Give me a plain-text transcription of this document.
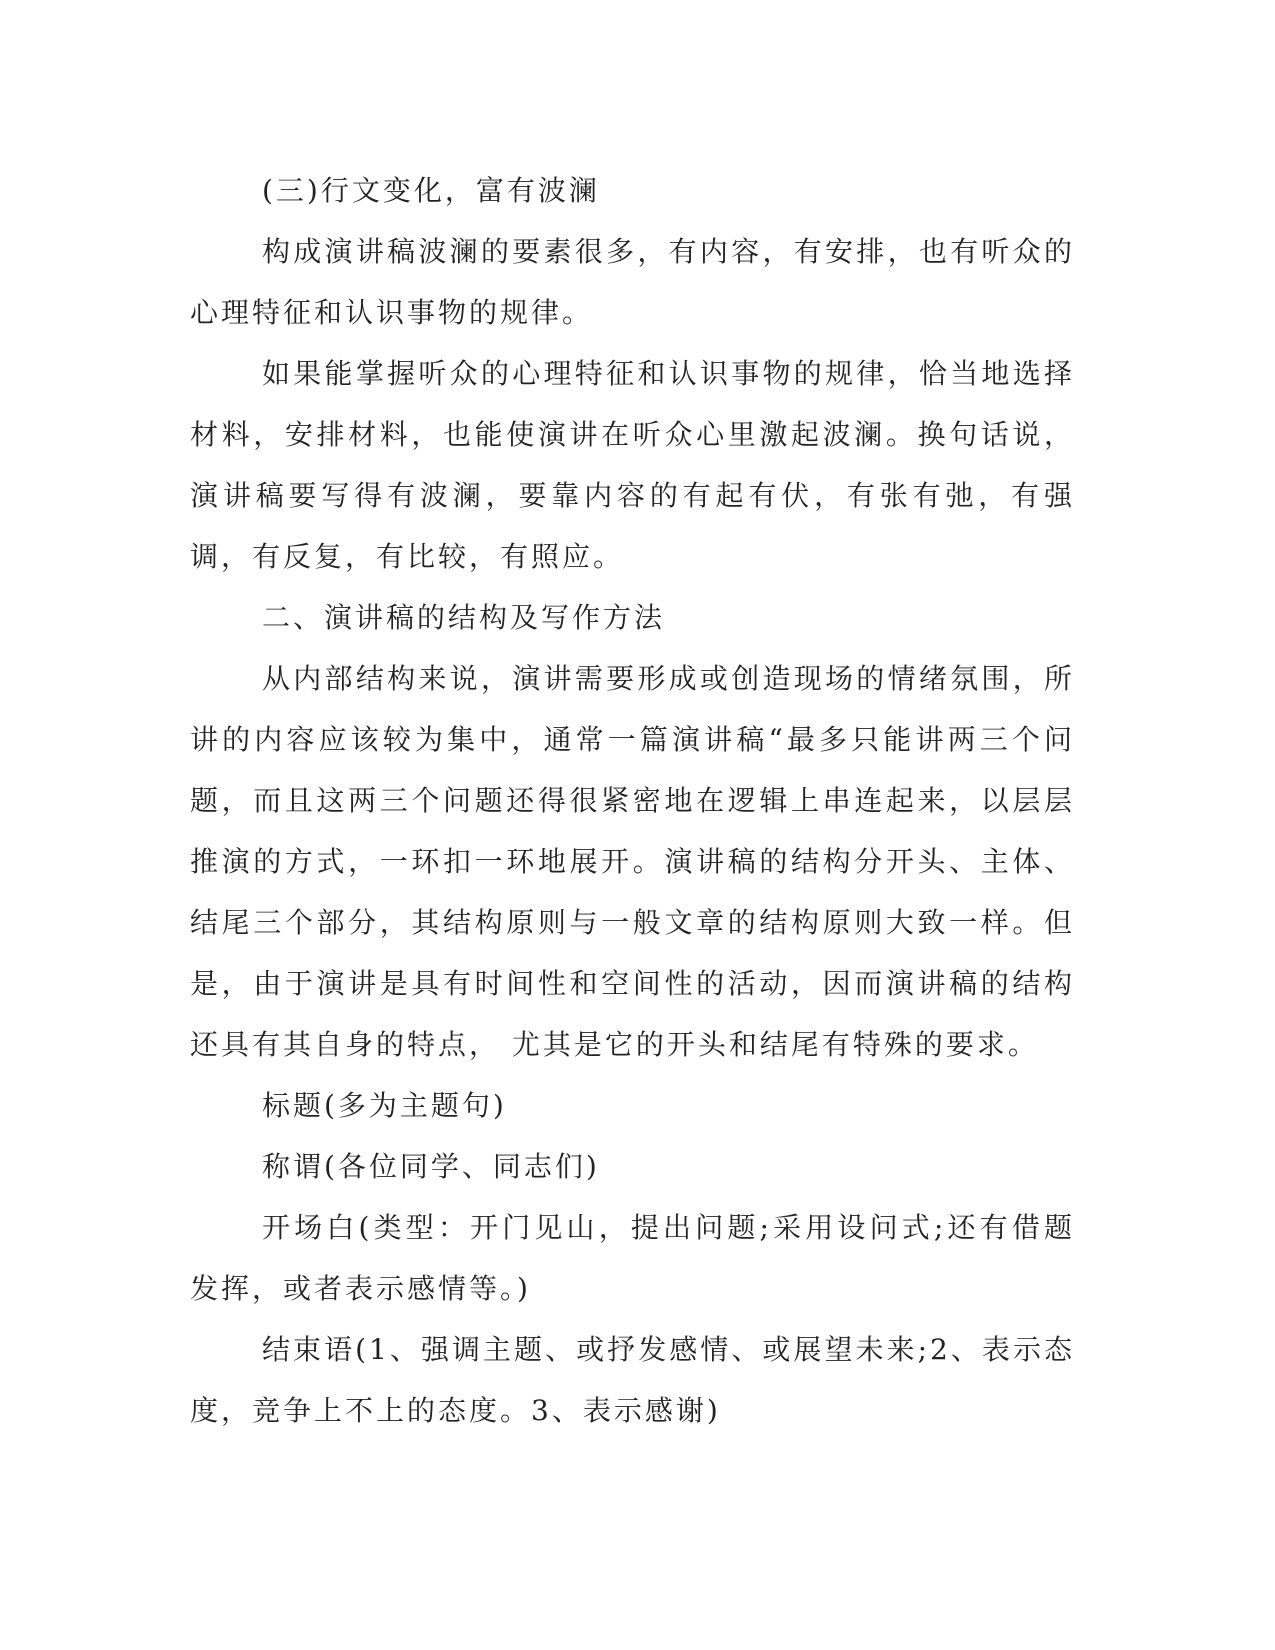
(三)行文变化，富有波澜

构成演讲稿波澜的要素很多，有内容，有安排，也有听众的心理特征和认识事物的规律。

如果能掌握听众的心理特征和认识事物的规律，恰当地选择材料，安排材料，也能使演讲在听众心里激起波澜。换句话说，演讲稿要写得有波澜，要靠内容的有起有伏，有张有弛，有强调，有反复，有比较，有照应。

二、演讲稿的结构及写作方法

从内部结构来说，演讲需要形成或创造现场的情绪氛围，所讲的内容应该较为集中，通常一篇演讲稿“最多只能讲两三个问题，而且这两三个问题还得很紧密地在逻辑上串连起来，以层层推演的方式，一环扣一环地展开。演讲稿的结构分开头、主体、结尾三个部分，其结构原则与一般文章的结构原则大致一样。但是，由于演讲是具有时间性和空间性的活动，因而演讲稿的结构还具有其自身的特点， 尤其是它的开头和结尾有特殊的要求。

标题(多为主题句)

称谓(各位同学、同志们)

开场白(类型：开门见山，提出问题;采用设问式;还有借题发挥，或者表示感情等。)

结束语(1、强调主题、或抒发感情、或展望未来;2、表示态度，竞争上不上的态度。3、表示感谢)
